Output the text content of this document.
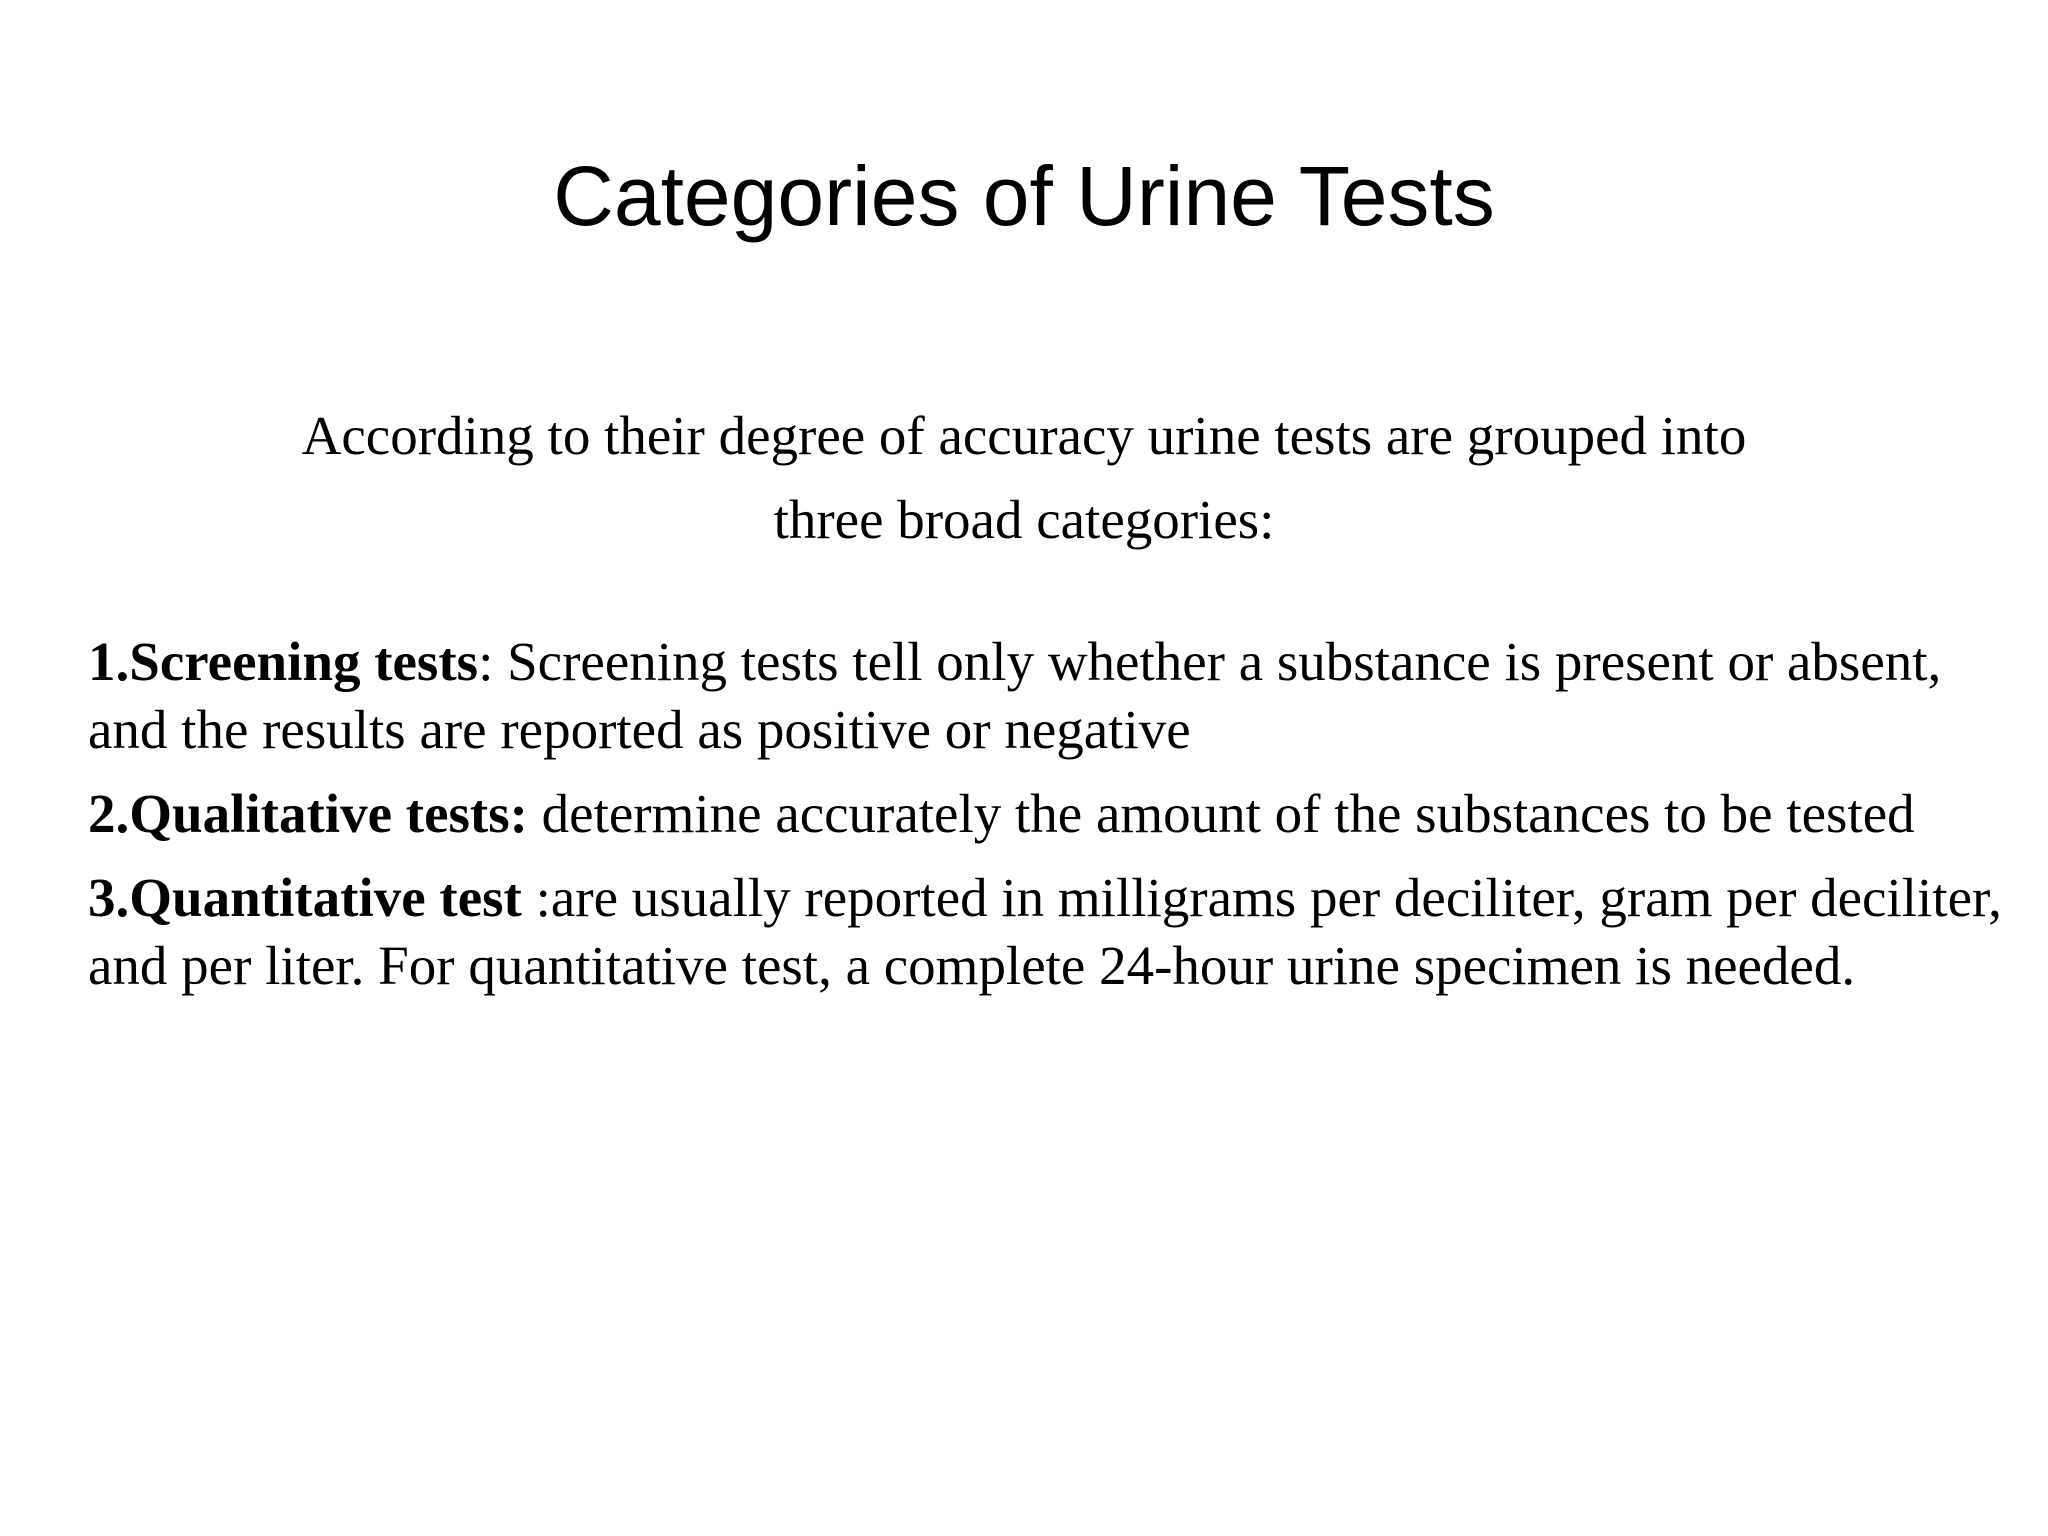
Categories of Urine Tests
According to their degree of accuracy urine tests are grouped into
three broad categories:
1.Screening tests: Screening tests tell only whether a substance is present or absent, and the results are reported as positive or negative
2.Qualitative tests: determine accurately the amount of the substances to be tested
3.Quantitative test :are usually reported in milligrams per deciliter, gram per deciliter, and per liter. For quantitative test, a complete 24-hour urine specimen is needed.
